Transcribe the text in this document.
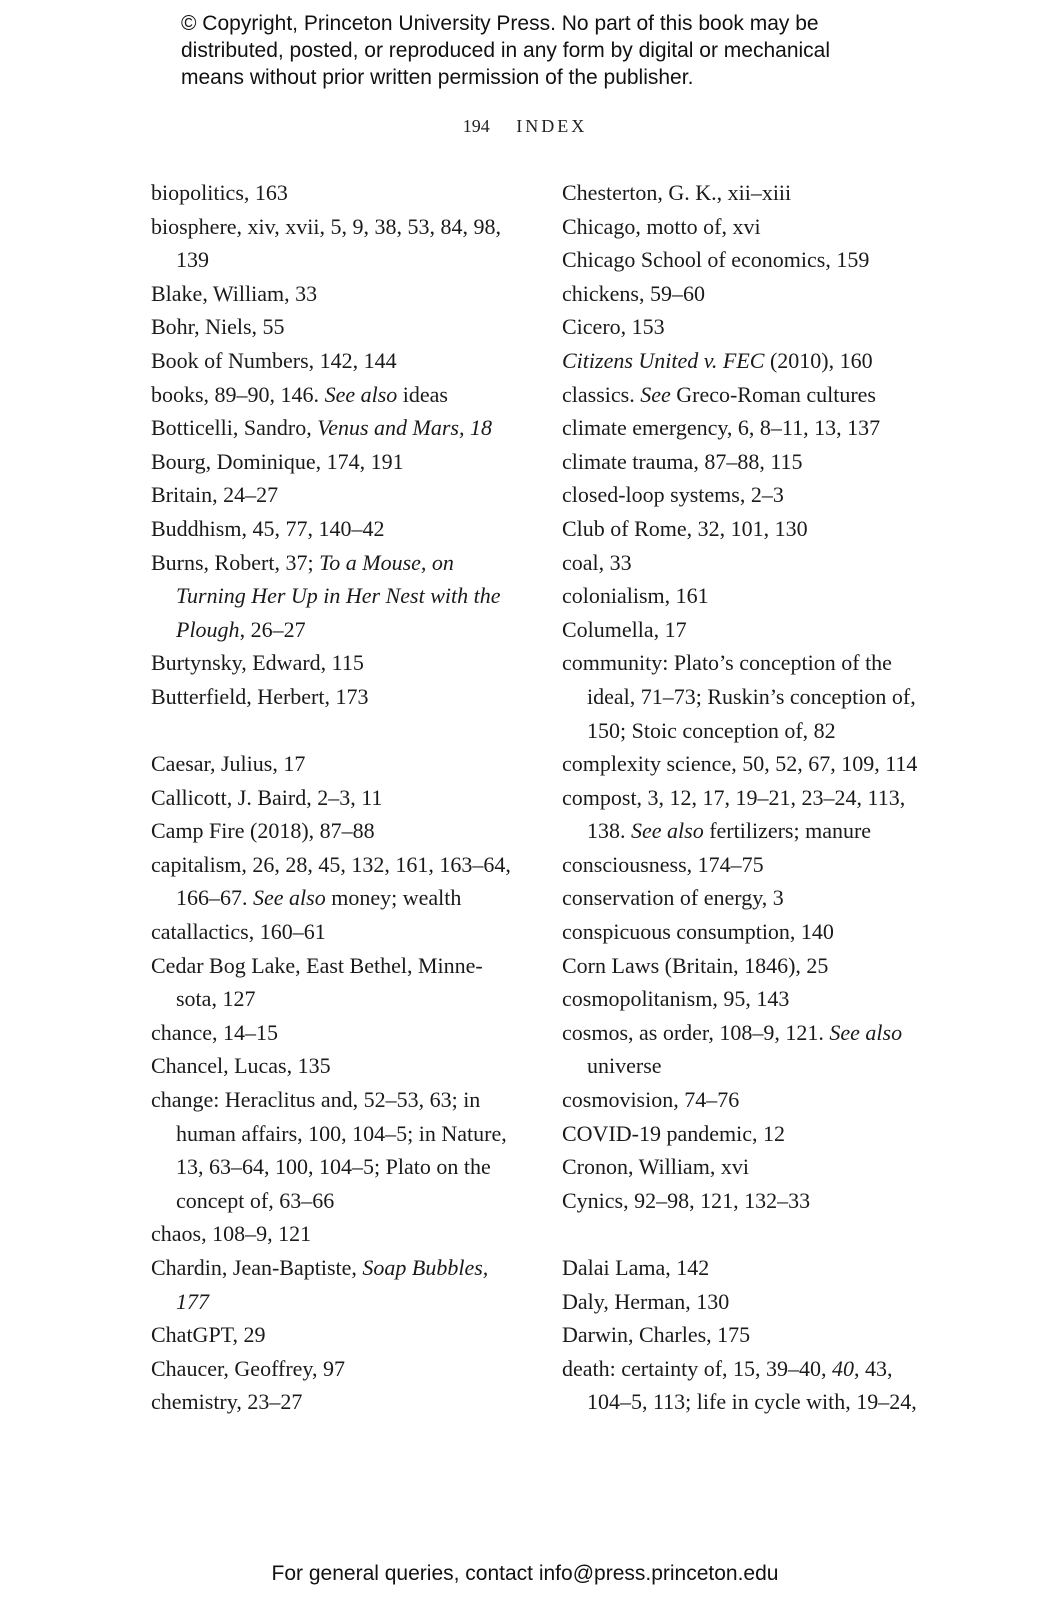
© Copyright, Princeton University Press. No part of this book may be
distributed, posted, or reproduced in any form by digital or mechanical
means without prior written permission of the publisher.
194 INDEX

biopolitics, 163

biosphere, xiv, xvii, 5, 9, 38, 53, 84, 98, 139

Blake, William, 33

Bohr, Niels, 55

Book of Numbers, 142, 144

books, 89–90, 146. See also ideas

Botticelli, Sandro, Venus and Mars, 18

Bourg, Dominique, 174, 191

Britain, 24–27

Buddhism, 45, 77, 140–42

Burns, Robert, 37; To a Mouse, on Turning Her Up in Her Nest with the Plough, 26–27

Burtynsky, Edward, 115

Butterfield, Herbert, 173

Caesar, Julius, 17

Callicott, J. Baird, 2–3, 11

Camp Fire (2018), 87–88

capitalism, 26, 28, 45, 132, 161, 163–64, 166–67. See also money; wealth

catallactics, 160–61

Cedar Bog Lake, East Bethel, Minne-sota, 127

chance, 14–15

Chancel, Lucas, 135

change: Heraclitus and, 52–53, 63; in human affairs, 100, 104–5; in Nature, 13, 63–64, 100, 104–5; Plato on the concept of, 63–66

chaos, 108–9, 121

Chardin, Jean-Baptiste, Soap Bubbles, 177

ChatGPT, 29

Chaucer, Geoffrey, 97

chemistry, 23–27

Chesterton, G. K., xii–xiii

Chicago, motto of, xvi

Chicago School of economics, 159

chickens, 59–60

Cicero, 153

Citizens United v. FEC (2010), 160

classics. See Greco-Roman cultures

climate emergency, 6, 8–11, 13, 137

climate trauma, 87–88, 115

closed-loop systems, 2–3

Club of Rome, 32, 101, 130

coal, 33

colonialism, 161

Columella, 17

community: Plato’s conception of the ideal, 71–73; Ruskin’s conception of, 150; Stoic conception of, 82

complexity science, 50, 52, 67, 109, 114

compost, 3, 12, 17, 19–21, 23–24, 113, 138. See also fertilizers; manure

consciousness, 174–75

conservation of energy, 3

conspicuous consumption, 140

Corn Laws (Britain, 1846), 25

cosmopolitanism, 95, 143

cosmos, as order, 108–9, 121. See also universe

cosmovision, 74–76

COVID-19 pandemic, 12

Cronon, William, xvi

Cynics, 92–98, 121, 132–33

Dalai Lama, 142

Daly, Herman, 130

Darwin, Charles, 175

death: certainty of, 15, 39–40, 40, 43, 104–5, 113; life in cycle with, 19–24,

For general queries, contact info@press.princeton.edu
